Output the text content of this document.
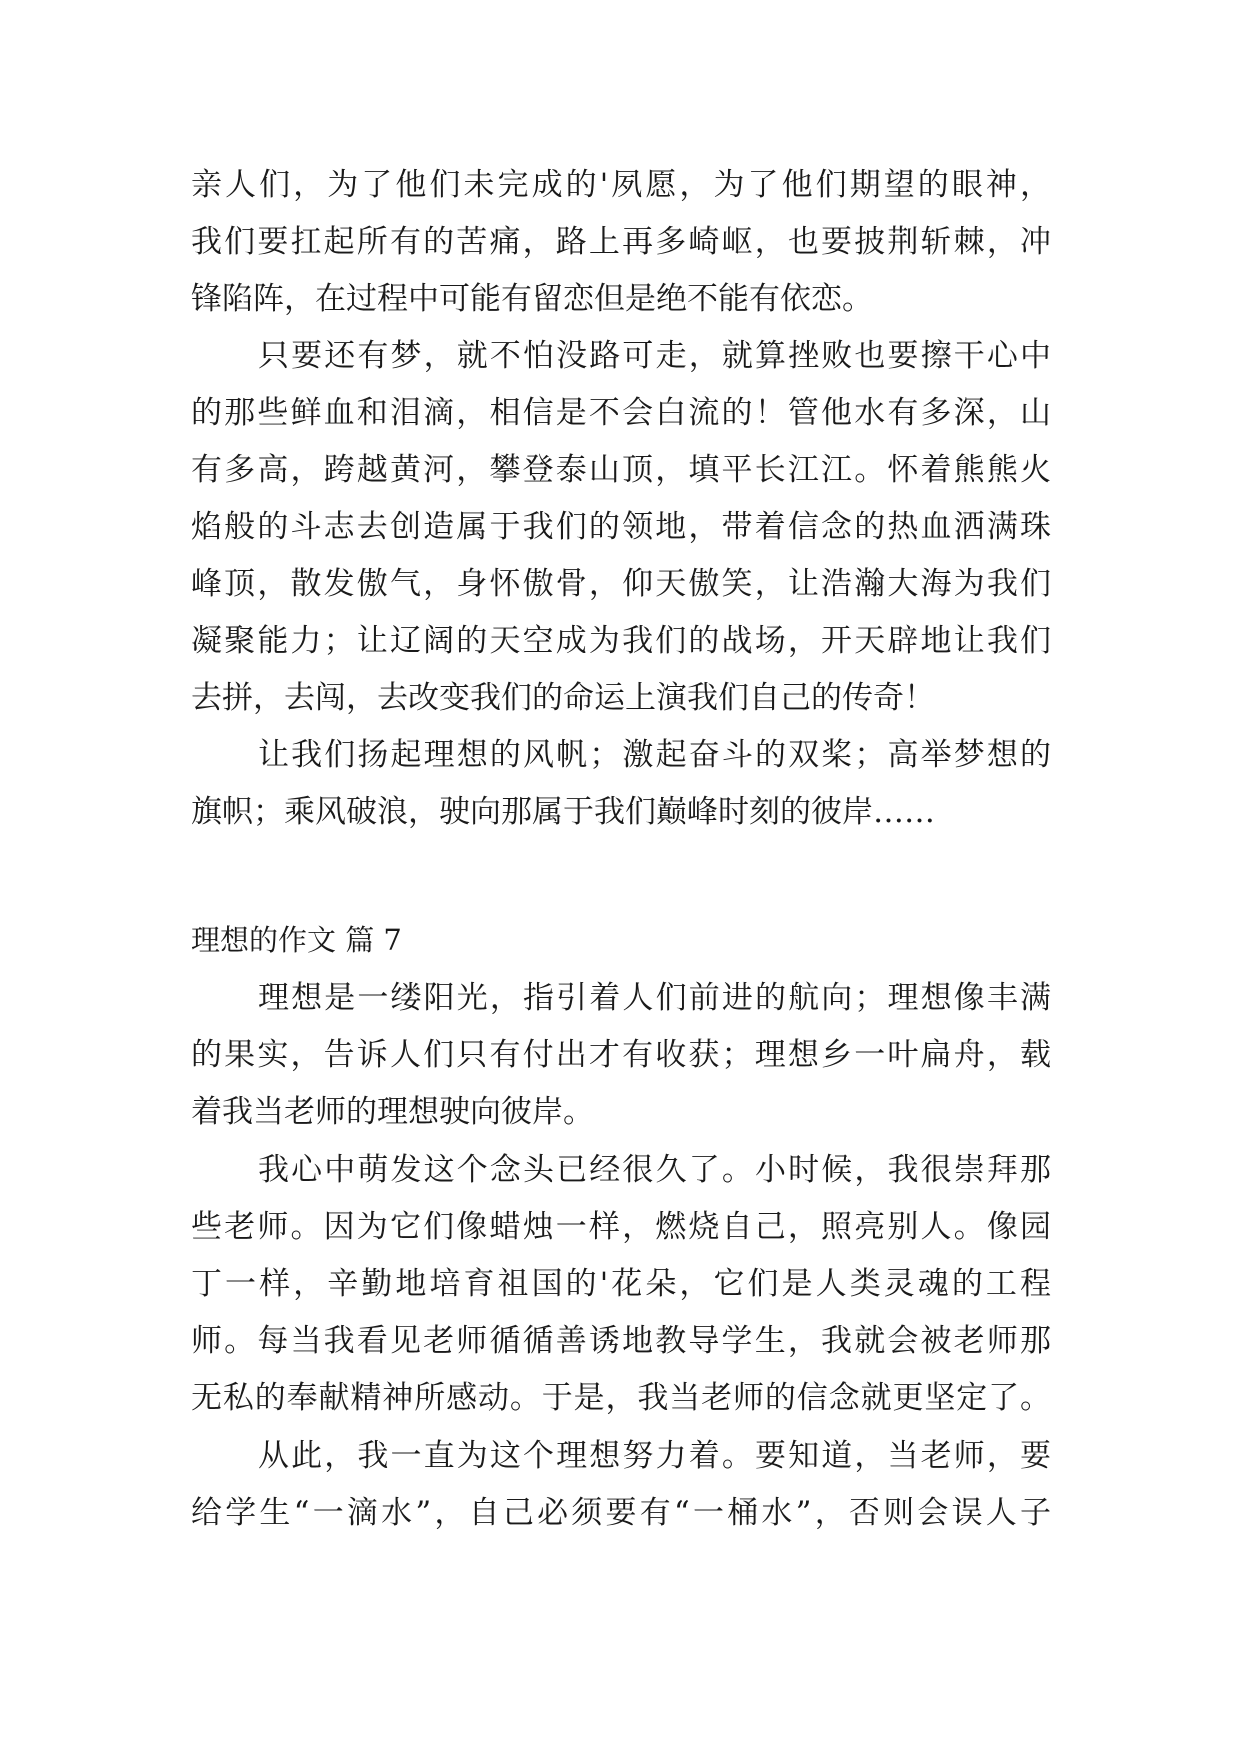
亲人们，为了他们未完成的'夙愿，为了他们期望的眼神，
我们要扛起所有的苦痛，路上再多崎岖，也要披荆斩棘，冲
锋陷阵，在过程中可能有留恋但是绝不能有依恋。
只要还有梦，就不怕没路可走，就算挫败也要擦干心中
的那些鲜血和泪滴，相信是不会白流的！管他水有多深，山
有多高，跨越黄河，攀登泰山顶，填平长江江。怀着熊熊火
焰般的斗志去创造属于我们的领地，带着信念的热血洒满珠
峰顶，散发傲气，身怀傲骨，仰天傲笑，让浩瀚大海为我们
凝聚能力；让辽阔的天空成为我们的战场，开天辟地让我们
去拼，去闯，去改变我们的命运上演我们自己的传奇！
让我们扬起理想的风帆；激起奋斗的双桨；高举梦想的
旗帜；乘风破浪，驶向那属于我们巅峰时刻的彼岸……
理想的作文 篇 7
理想是一缕阳光，指引着人们前进的航向；理想像丰满
的果实，告诉人们只有付出才有收获；理想乡一叶扁舟，载
着我当老师的理想驶向彼岸。
我心中萌发这个念头已经很久了。小时候，我很崇拜那
些老师。因为它们像蜡烛一样，燃烧自己，照亮别人。像园
丁一样，辛勤地培育祖国的'花朵，它们是人类灵魂的工程
师。每当我看见老师循循善诱地教导学生，我就会被老师那
无私的奉献精神所感动。于是，我当老师的信念就更坚定了。
从此，我一直为这个理想努力着。要知道，当老师，要
给学生“一滴水”，自己必须要有“一桶水”，否则会误人子
